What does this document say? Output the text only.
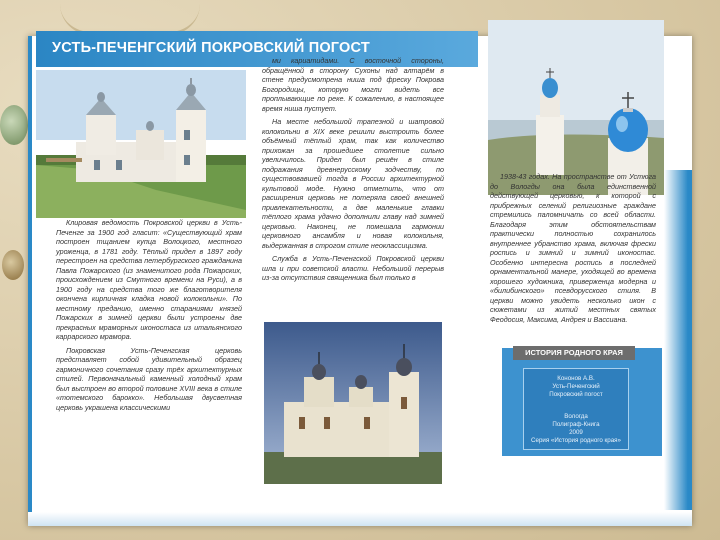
УСТЬ-ПЕЧЕНГСКИЙ ПОКРОВСКИЙ ПОГОСТ

Клировая ведомость Покровской церкви в Усть-Печенге за 1900 год гласит: «Существующий храм построен тщанием купца Волоцкого, местного уроженца, в 1781 году. Тёплый придел в 1897 году перестроен на средства петербургского гражданина Павла Пожарского (из знаменитого рода Пожарских, происхождением из Смутного времени на Руси), а в 1900 году на средства того же благотворителя окончена кирпичная кладка новой колокольни». По местному преданию, именно стараниями князей Пожарских в зимней церкви были устроены две прекрасных мраморных иконостаса из итальянского каррарского мрамора.

Покровская Усть-Печенгская церковь представляет собой удивительный образец гармоничного сочетания сразу трёх архитектурных стилей. Первоначальный каменный холодный храм был выстроен во второй половине XVIII века в стиле «тотемского барокко». Небольшая двусветная церковь украшена классическими

ми кариатидами. С восточной стороны, обращённой в сторону Сухоны над алтарём в стене предусмотрена ниша под фреску Покрова Богородицы, которую могли видеть все проплывающие по реке. К сожалению, в настоящее время ниша пустует.

На месте небольшой трапезной и шатровой колокольни в XIX веке решили выстроить более объёмный тёплый храм, так как количество прихожан за прошедшее столетие сильно увеличилось. Придел был решён в стиле подражания древнерусскому зодчеству, по существовавшей тогда в России архитектурной культовой моде. Нужно отметить, что от расширения церковь не потеряла своей внешней привлекательности, а две маленькие главки тёплого храма удачно дополнили главу над зимней церковью. Наконец, не помешала гармонии церковного ансамбля и новая колокольня, выдержанная в строгом стиле неоклассицизма.

Служба в Усть-Печенгской Покровской церкви шла и при советской власти. Небольшой перерыв из-за отсутствия священника был только в

1938-43 годах. На пространстве от Устюга до Вологды она была единственной действующей церковью, к которой с прибрежных селений религиозные граждане стремились паломничать со всей области. Благодаря этим обстоятельствам практически полностью сохранилось внутреннее убранство храма, включая фрески роспись и зимний и зимний иконостас. Особенно интересна роспись в последней орнаментальной манере, уходящей во времена хорошего художника, приверженца модерна и «билибинского» псевдорусского стиля. В церкви можно увидеть несколько икон с сюжетами из житий местных святых Феодосия, Максима, Андрея и Вассиана.

ИСТОРИЯ РОДНОГО КРАЯ
Кононов А.В.
Усть-Печенгский
Покровский погост
Вологда
Полиграф-Книга
2009
Серия «История родного края»
